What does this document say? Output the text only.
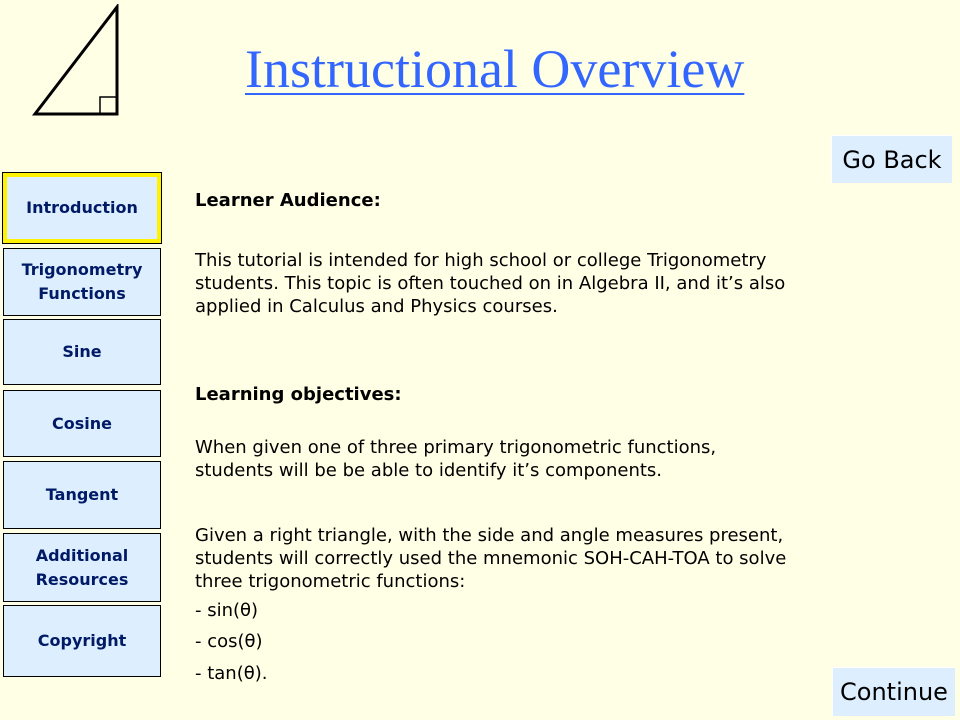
Instructional Overview
Introduction
Trigonometry Functions
Sine
Cosine
Tangent
Additional Resources
Copyright
Go Back
Continue

Learner Audience:

This tutorial is intended for high school or college Trigonometry students. This topic is often touched on in Algebra II, and it’s also applied in Calculus and Physics courses.

Learning objectives:

When given one of three primary trigonometric functions, students will be be able to identify it’s components.

Given a right triangle, with the side and angle measures present, students will correctly used the mnemonic SOH-CAH-TOA to solve three trigonometric functions:

- sin(θ)

- cos(θ)

- tan(θ).
